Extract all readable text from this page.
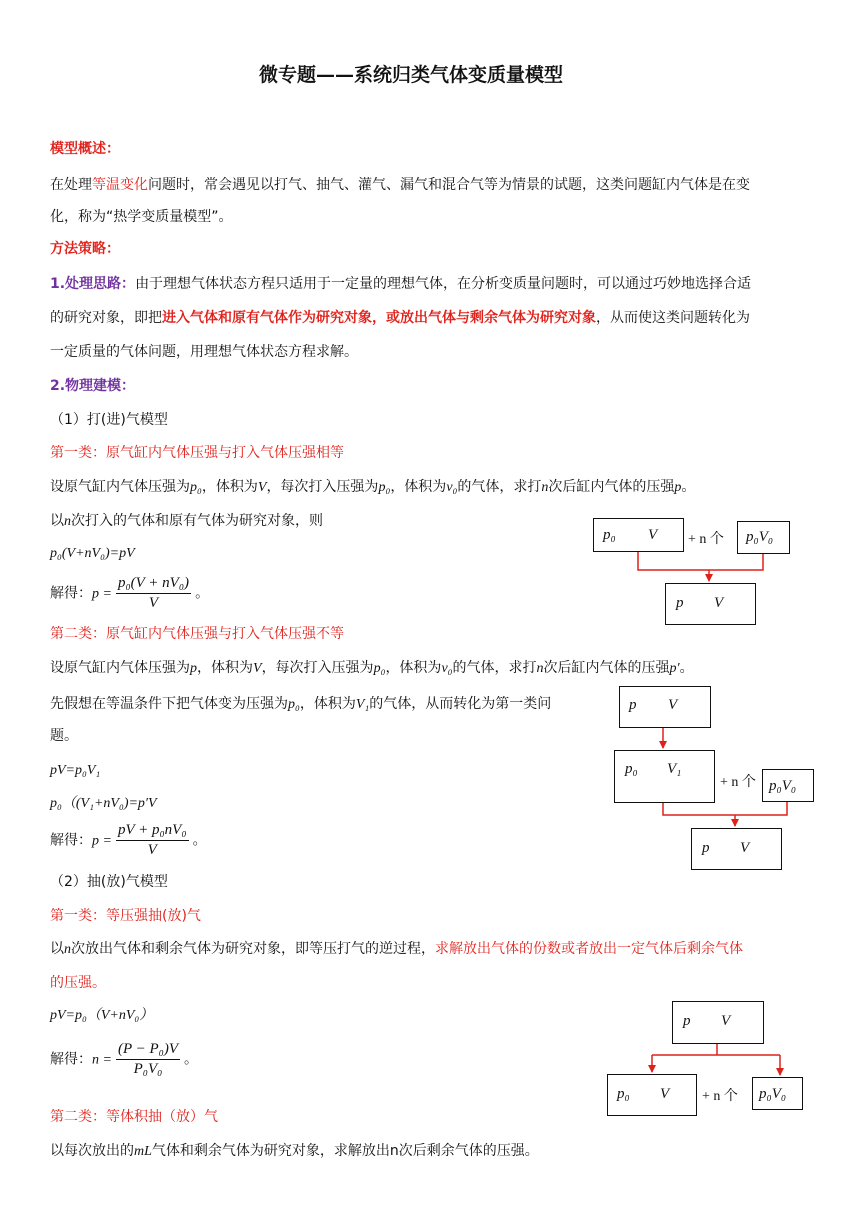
微专题——系统归类气体变质量模型
模型概述：
在处理等温变化问题时，常会遇见以打气、抽气、灌气、漏气和混合气等为情景的试题，这类问题缸内气体是在变
化，称为“热学变质量模型”。
方法策略：
1.处理思路：由于理想气体状态方程只适用于一定量的理想气体，在分析变质量问题时，可以通过巧妙地选择合适
的研究对象，即把进入气体和原有气体作为研究对象，或放出气体与剩余气体为研究对象，从而使这类问题转化为
一定质量的气体问题，用理想气体状态方程求解。
2.物理建模：
（1）打(进)气模型
第一类：原气缸内气体压强与打入气体压强相等
设原气缸内气体压强为p₀，体积为V，每次打入压强为p₀，体积为v₀的气体，求打n次后缸内气体的压强p。
以n次打入的气体和原有气体为研究对象，则
p₀(V+nV₀)=pV
解得：$p = \frac{\text{p₀(V + nV₀)}}{V}$ 。
第二类：原气缸内气体压强与打入气体压强不等
设原气缸内气体压强为p，体积为V，每次打入压强为p₀，体积为v₀的气体，求打n次后缸内气体的压强p′。
先假想在等温条件下把气体变为压强为p₀，体积为V₁的气体，从而转化为第一类问
题。
pV=p₀V₁
p₀（(V₁+nV₀)=p′V
解得：$p = \frac{\text{pV + p₀nV₀}}{V}$ 。
（2）抽(放)气模型
第一类：等压强抽(放)气
以n次放出气体和剩余气体为研究对象，即等压打气的逆过程，求解放出气体的份数或者放出一定气体后剩余气体
的压强。
pV=p₀（V+nV₀）
解得：$n = \frac{\text{(P − P₀)V}}{\text{P₀V₀}}$ 。
第二类：等体积抽（放）气
以每次放出的mL气体和剩余气体为研究对象，求解放出n次后剩余气体的压强。
p₀ V + n 个 p₀V₀
p V
p V
p₀ V₁
+ n 个 p₀V₀
p V
p V
p₀ V + n 个 p₀V₀
